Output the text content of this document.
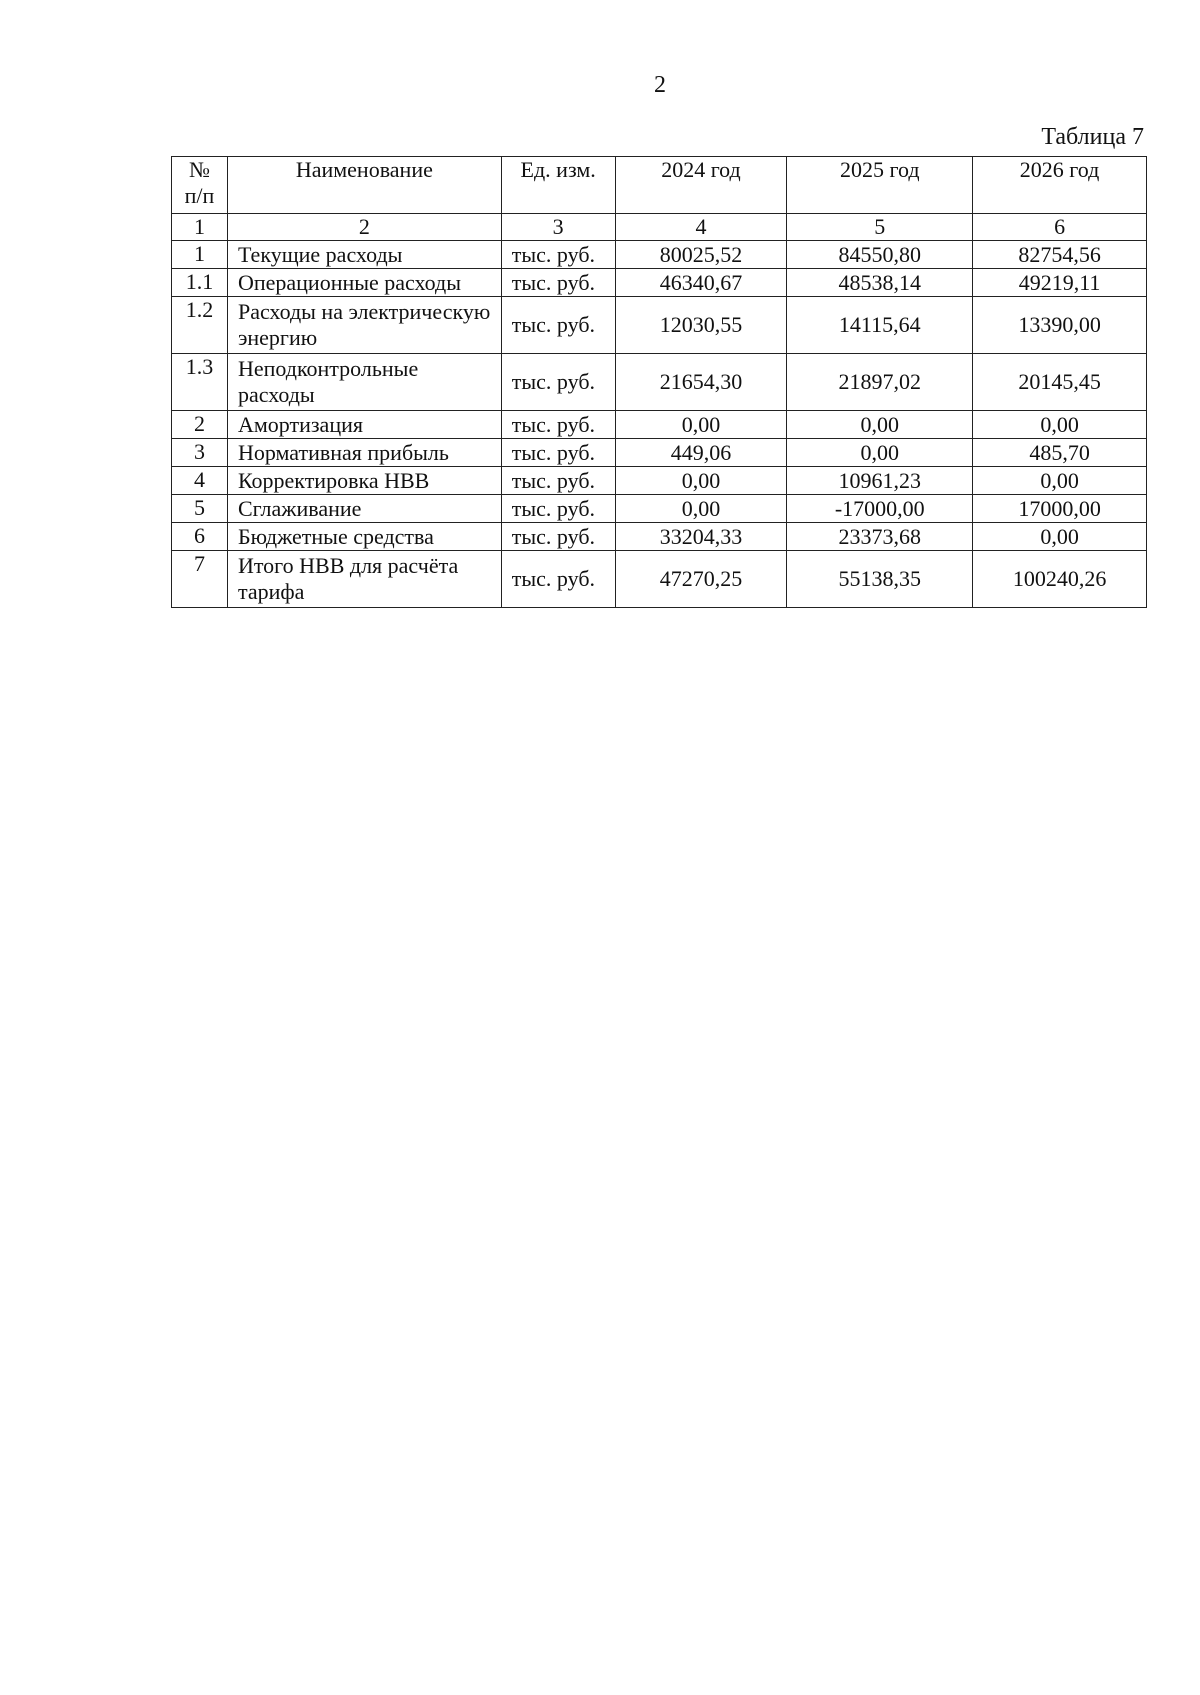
2
Таблица 7
№ п/п	Наименование	Ед. изм.	2024 год	2025 год	2026 год
1	2	3	4	5	6
1	Текущие расходы	тыс. руб.	80025,52	84550,80	82754,56
1.1	Операционные расходы	тыс. руб.	46340,67	48538,14	49219,11
1.2	Расходы на электрическую энергию	тыс. руб.	12030,55	14115,64	13390,00
1.3	Неподконтрольные расходы	тыс. руб.	21654,30	21897,02	20145,45
2	Амортизация	тыс. руб.	0,00	0,00	0,00
3	Нормативная прибыль	тыс. руб.	449,06	0,00	485,70
4	Корректировка НВВ	тыс. руб.	0,00	10961,23	0,00
5	Сглаживание	тыс. руб.	0,00	-17000,00	17000,00
6	Бюджетные средства	тыс. руб.	33204,33	23373,68	0,00
7	Итого НВВ для расчёта тарифа	тыс. руб.	47270,25	55138,35	100240,26
